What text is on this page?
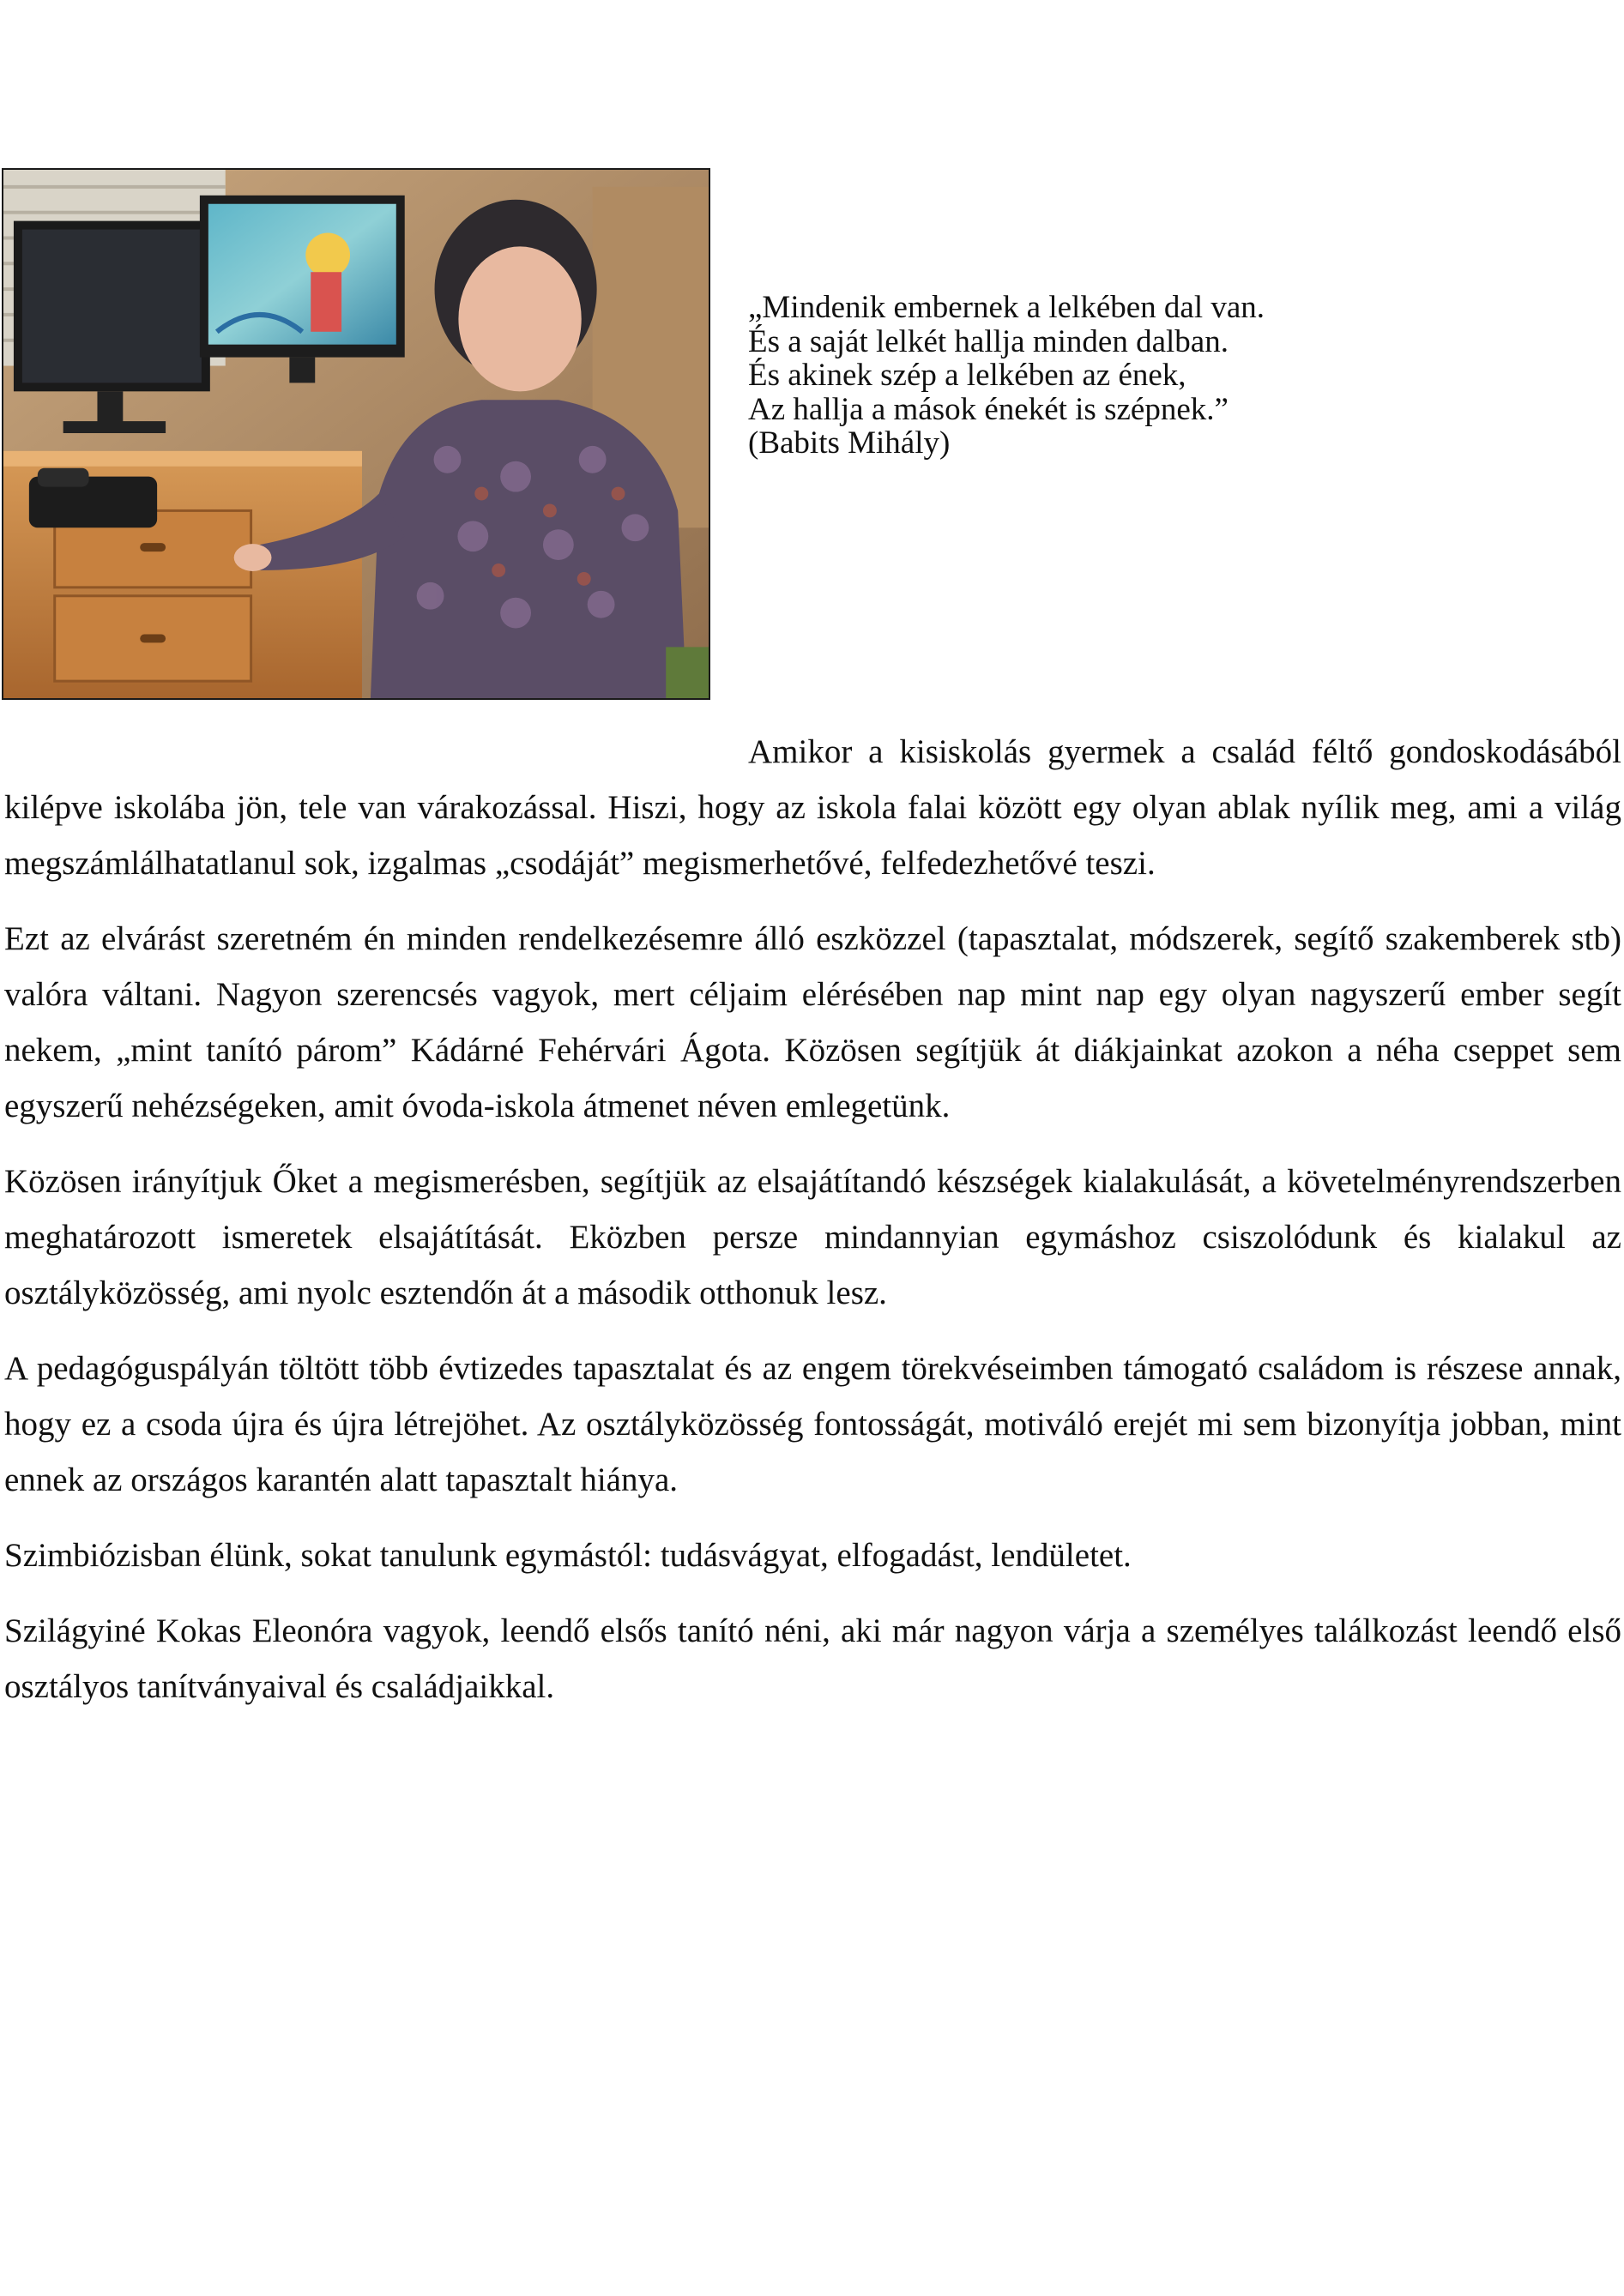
„Mindenik embernek a lelkében dal van.
És a saját lelkét hallja minden dalban.
És akinek szép a lelkében az ének,
Az hallja a mások énekét is szépnek.”
(Babits Mihály)

Amikor a kisiskolás gyermek a család féltő gondoskodásából kilépve iskolába jön, tele van várakozással. Hiszi, hogy az iskola falai között egy olyan ablak nyílik meg, ami a világ megszámlálhatatlanul sok, izgalmas „csodáját” megismerhetővé, felfedezhetővé teszi.

Ezt az elvárást szeretném én minden rendelkezésemre álló eszközzel (tapasztalat, módszerek, segítő szakemberek stb) valóra váltani. Nagyon szerencsés vagyok, mert céljaim elérésében nap mint nap egy olyan nagyszerű ember segít nekem, „mint tanító párom” Kádárné Fehérvári Ágota. Közösen segítjük át diákjainkat azokon a néha cseppet sem egyszerű nehézségeken, amit óvoda-iskola átmenet néven emlegetünk.

Közösen irányítjuk Őket a megismerésben, segítjük az elsajátítandó készségek kialakulását, a követelményrendszerben meghatározott ismeretek elsajátítását. Eközben persze mindannyian egymáshoz csiszolódunk és kialakul az osztályközösség, ami nyolc esztendőn át a második otthonuk lesz.

A pedagóguspályán töltött több évtizedes tapasztalat és az engem törekvéseimben támogató családom is részese annak, hogy ez a csoda újra és újra létrejöhet. Az osztályközösség fontosságát, motiváló erejét mi sem bizonyítja jobban, mint ennek az országos karantén alatt tapasztalt hiánya.

Szimbiózisban élünk, sokat tanulunk egymástól: tudásvágyat, elfogadást, lendületet.

Szilágyiné Kokas Eleonóra vagyok, leendő elsős tanító néni, aki már nagyon várja a személyes találkozást leendő első osztályos tanítványaival és családjaikkal.
